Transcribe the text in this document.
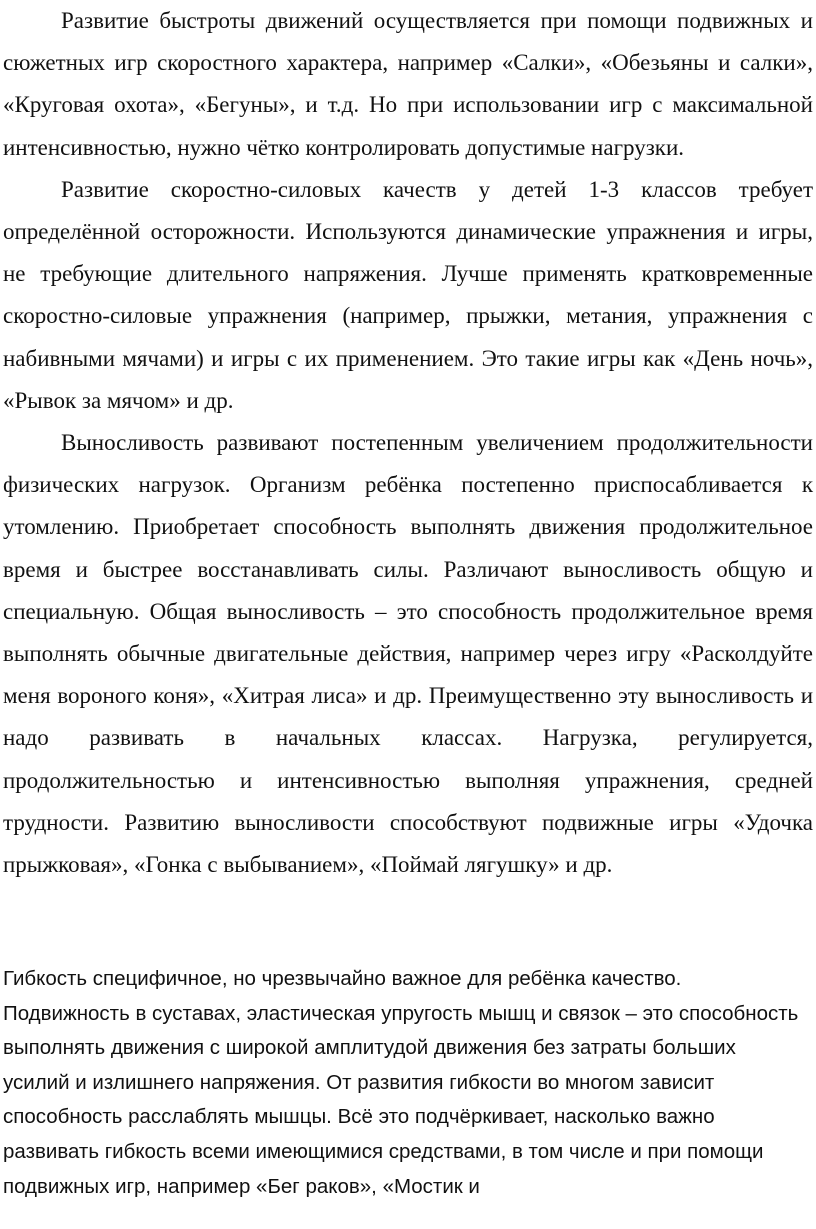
Развитие быстроты движений осуществляется при помощи подвижных и сюжетных игр скоростного характера, например «Салки», «Обезьяны и салки», «Круговая охота», «Бегуны», и т.д. Но при использовании игр с максимальной интенсивностью, нужно чётко контролировать допустимые нагрузки.

Развитие скоростно-силовых качеств у детей 1-3 классов требует определённой осторожности. Используются динамические упражнения и игры, не требующие длительного напряжения. Лучше применять кратковременные скоростно-силовые упражнения (например, прыжки, метания, упражнения с набивными мячами) и игры с их применением. Это такие игры как «День ночь», «Рывок за мячом» и др.

Выносливость развивают постепенным увеличением продолжительности физических нагрузок. Организм ребёнка постепенно приспосабливается к утомлению. Приобретает способность выполнять движения продолжительное время и быстрее восстанавливать силы. Различают выносливость общую и специальную. Общая выносливость – это способность продолжительное время выполнять обычные двигательные действия, например через игру «Расколдуйте меня вороного коня», «Хитрая лиса» и др. Преимущественно эту выносливость и надо развивать в начальных классах. Нагрузка, регулируется, продолжительностью и интенсивностью выполняя упражнения, средней трудности. Развитию выносливости способствуют подвижные игры «Удочка прыжковая», «Гонка с выбыванием», «Поймай лягушку» и др.

Гибкость специфичное, но чрезвычайно важное для ребёнка качество. Подвижность в суставах, эластическая упругость мышц и связок – это способность выполнять движения с широкой амплитудой движения без затраты больших усилий и излишнего напряжения. От развития гибкости во многом зависит способность расслаблять мышцы. Всё это подчёркивает, насколько важно развивать гибкость всеми имеющимися средствами, в том числе и при помощи подвижных игр, например «Бег раков», «Мостик и
